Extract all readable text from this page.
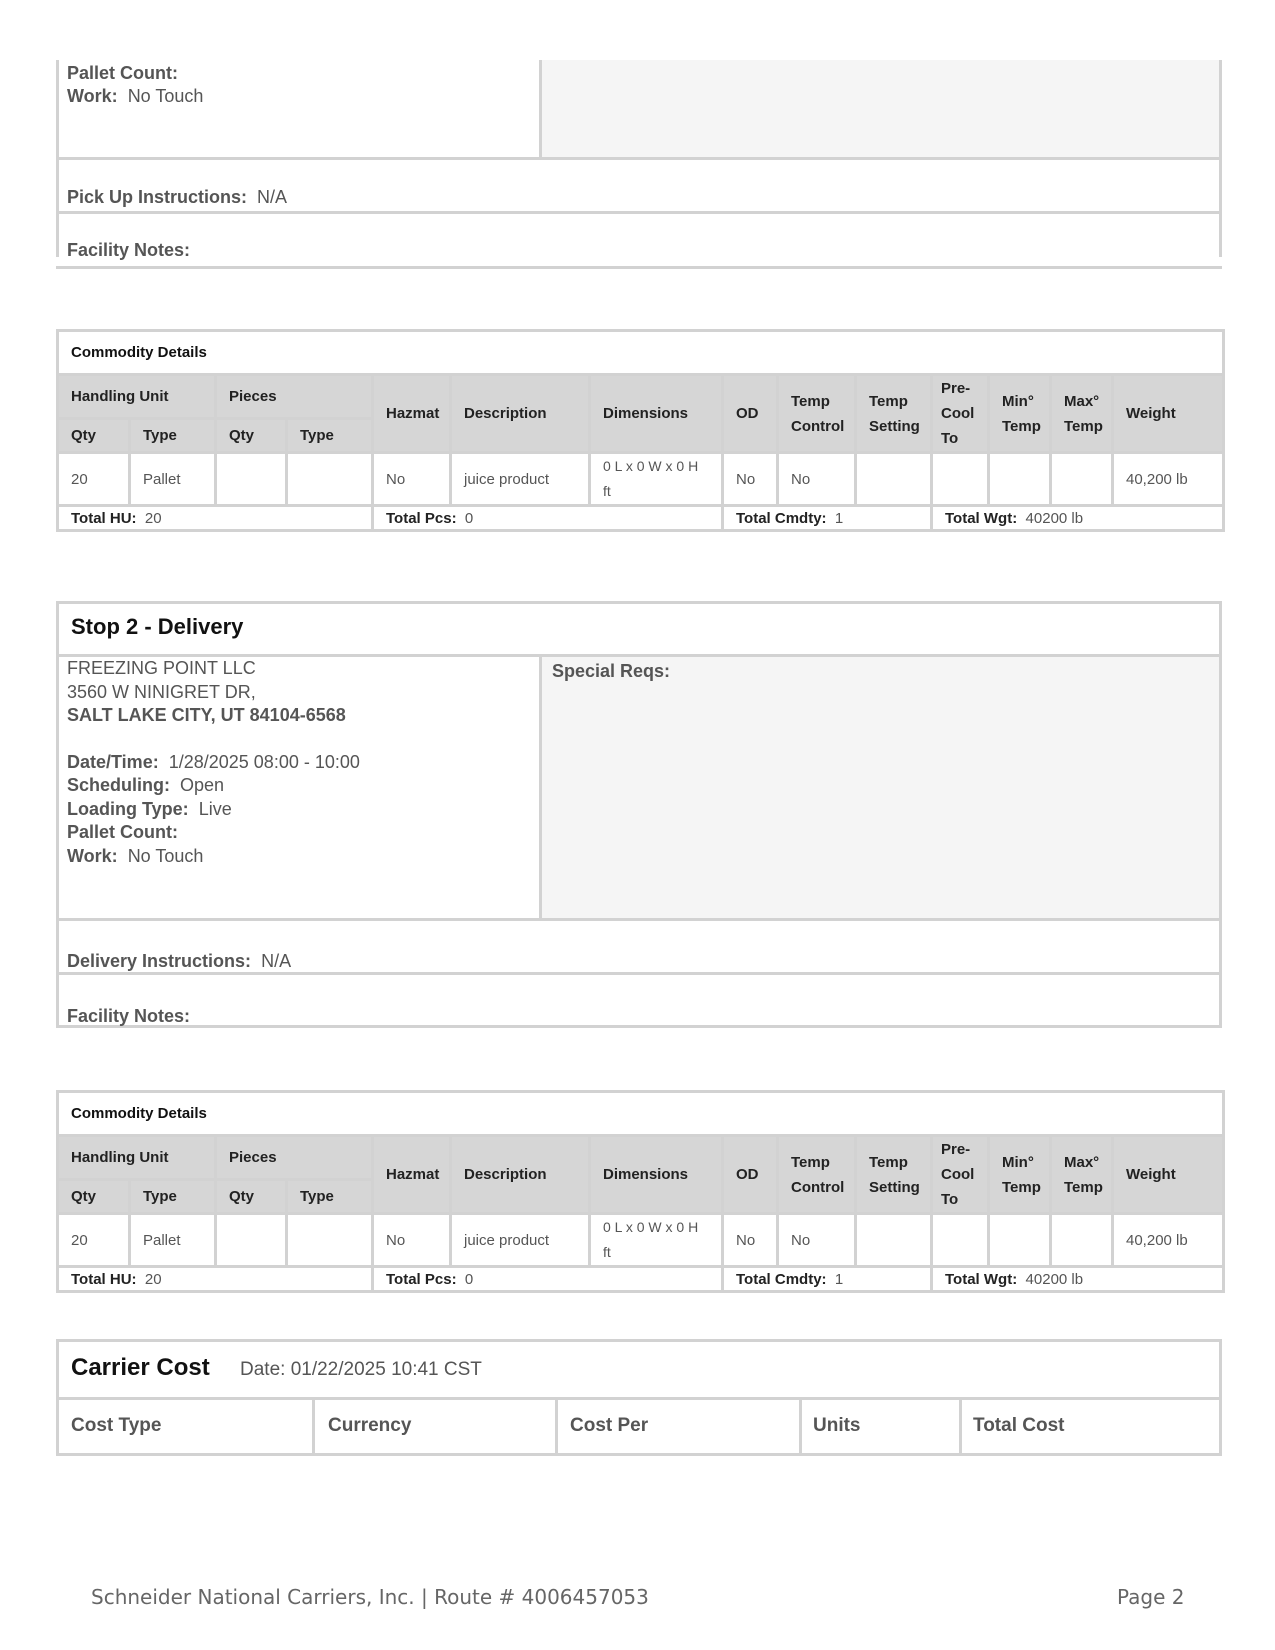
Pallet Count:
Work: No Touch
Pick Up Instructions: N/A
Facility Notes:
Commodity Details													
Handling Unit		Pieces		Hazmat	Description	Dimensions	OD	Temp Control	Temp Setting	Pre-Cool To	Min° Temp	Max° Temp	Weight
Qty	Type	Qty	Type										
20	Pallet			No	juice product	0 L x 0 W x 0 H ft	No	No					40,200 lb
Total HU: 20				Total Pcs: 0			Total Cmdty: 1			Total Wgt: 40200 lb			
Stop 2 - Delivery
FREEZING POINT LLC
3560 W NINIGRET DR,
SALT LAKE CITY, UT 84104-6568
Date/Time: 1/28/2025 08:00 - 10:00
Scheduling: Open
Loading Type: Live
Pallet Count:
Work: No Touch
Special Reqs:
Delivery Instructions: N/A
Facility Notes:
Commodity Details													
Handling Unit		Pieces		Hazmat	Description	Dimensions	OD	Temp Control	Temp Setting	Pre-Cool To	Min° Temp	Max° Temp	Weight
Qty	Type	Qty	Type										
20	Pallet			No	juice product	0 L x 0 W x 0 H ft	No	No					40,200 lb
Total HU: 20				Total Pcs: 0			Total Cmdty: 1			Total Wgt: 40200 lb			
Carrier Cost Date: 01/22/2025 10:41 CST
Cost Type	Currency	Cost Per	Units	Total Cost
Schneider National Carriers, Inc. | Route # 4006457053	Page 2
